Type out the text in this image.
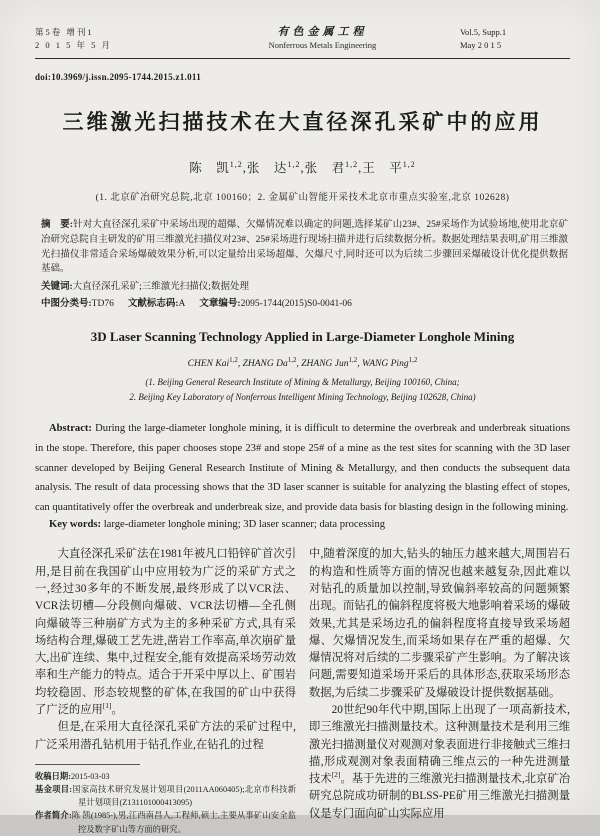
第5卷 增刊1
2 0 1 5 年 5 月
有色金属工程
Nonferrous Metals Engineering
Vol.5, Supp.1
May 2 0 1 5
doi:10.3969/j.issn.2095-1744.2015.z1.011
三维激光扫描技术在大直径深孔采矿中的应用
陈　凯$^{1,2}$,张　达$^{1,2}$,张　君$^{1,2}$,王　平$^{1,2}$
(1. 北京矿冶研究总院,北京 100160；2. 金属矿山智能开采技术北京市重点实验室,北京 102628)
摘　要:针对大直径深孔采矿中采场出现的超爆、欠爆情况难以确定的问题,选择某矿山23#、25#采场作为试验场地,使用北京矿冶研究总院自主研发的矿用三维激光扫描仪对23#、25#采场进行现场扫描并进行后续数据分析。数据处理结果表明,矿用三维激光扫描仪非常适合采场爆破效果分析,可以定量给出采场超爆、欠爆尺寸,同时还可以为后续二步骤回采爆破设计优化提供数据基础。
关键词:大直径深孔采矿;三维激光扫描仪;数据处理
中图分类号:TD76 文献标志码:A 文章编号:2095-1744(2015)S0-0041-06
3D Laser Scanning Technology Applied in Large-Diameter Longhole Mining
CHEN Kai$^{1,2}$, ZHANG Da$^{1,2}$, ZHANG Jun$^{1,2}$, WANG Ping$^{1,2}$
(1. Beijing General Research Institute of Mining & Metallurgy, Beijing 100160, China;
2. Beijing Key Laboratory of Nonferrous Intelligent Mining Technology, Beijing 102628, China)
Abstract: During the large-diameter longhole mining, it is difficult to determine the overbreak and underbreak situations in the stope. Therefore, this paper chooses stope 23# and stope 25# of a mine as the test sites for scanning with the 3D laser scanner developed by Beijing General Research Institute of Mining & Metallurgy, and then conducts the subsequent data analysis. The result of data processing shows that the 3D laser scanner is suitable for analyzing the blasting effect of stopes, can quantitatively offer the overbreak and underbreak size, and provide data basis for blasting design in the following mining.
Key words: large-diameter longhole mining; 3D laser scanner; data processing
大直径深孔采矿法在1981年被凡口铅锌矿首次引用,是目前在我国矿山中应用较为广泛的采矿方式之一,经过30多年的不断发展,最终形成了以VCR法、VCR法切槽—分段侧向爆破、VCR法切槽—全孔侧向爆破等三种崩矿方式为主的多种采矿方式,具有采场结构合理,爆破工艺先进,凿岩工作率高,单次崩矿量大,出矿连续、集中,过程安全,能有效提高采场劳动效率和生产能力的特点。适合于开采中厚以上、矿围岩均较稳固、形态较规整的矿体,在我国的矿山中获得了广泛的应用[1]。
但是,在采用大直径深孔采矿方法的采矿过程中,广泛采用潜孔钻机用于钻孔作业,在钻孔的过程
收稿日期:2015-03-03
基金项目:国家高技术研究发展计划项目(2011AA060405);北京市科技新星计划项目(Z131101000413095)
作者简介:陈 凯(1985-),男,江西南昌人,工程师,硕士,主要从事矿山安全监控及数字矿山等方面的研究。
中,随着深度的加大,钻头的轴压力越来越大,周围岩石的构造和性质等方面的情况也越来越复杂,因此难以对钻孔的质量加以控制,导致偏斜率较高的问题频繁出现。而钻孔的偏斜程度将极大地影响着采场的爆破效果,尤其是采场边孔的偏斜程度将直接导致采场超爆、欠爆情况发生,而采场如果存在严重的超爆、欠爆情况将对后续的二步骤采矿产生影响。为了解决该问题,需要知道采场开采后的具体形态,获取采场形态数据,为后续二步骤采矿及爆破设计提供数据基础。
20世纪90年代中期,国际上出现了一项高新技术,即三维激光扫描测量技术。这种测量技术是利用三维激光扫描测量仪对观测对象表面进行非接触式三维扫描,形成观测对象表面精确三维点云的一种先进测量技术[2]。基于先进的三维激光扫描测量技术,北京矿冶研究总院成功研制的BLSS-PE矿用三维激光扫描测量仪是专门面向矿山实际应用
